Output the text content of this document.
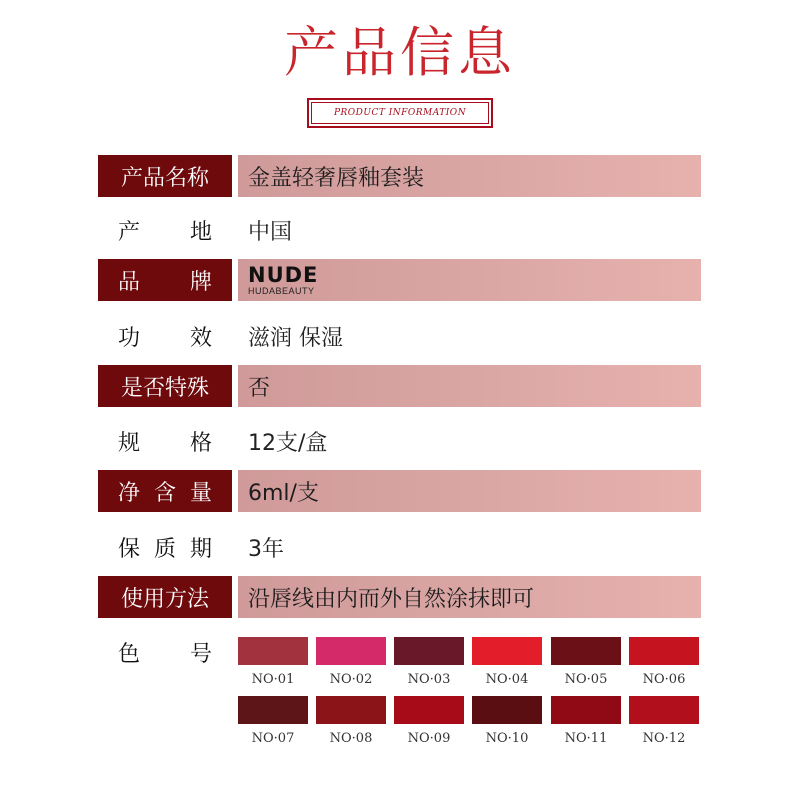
产品信息
PRODUCT INFORMATION
产品名称	金盖轻奢唇釉套装
产 地 中国
品 牌 NUDE
HUDABEAUTY
功 效 滋润 保湿
是否特殊	否
规 格 12支/盒
净 含 量	6ml/支
保 质 期 3年
使用方法	沿唇线由内而外自然涂抹即可
色 号
NO·01	NO·02	NO·03	NO·04	NO·05	NO·06
NO·07	NO·08	NO·09	NO·10	NO·11	NO·12
